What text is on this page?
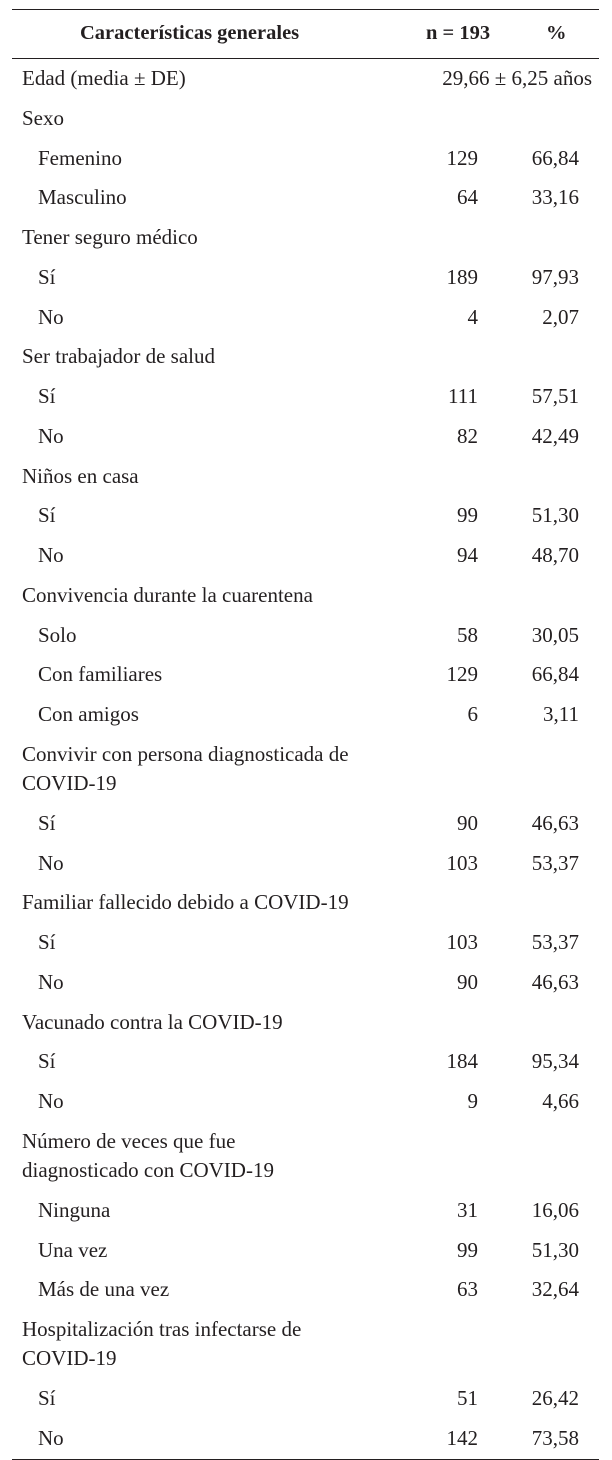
Características generales	n = 193	%
Edad (media ± DE)	29,66 ± 6,25 años
Sexo
Femenino	129	66,84
Masculino	64	33,16
Tener seguro médico
Sí	189	97,93
No	4	2,07
Ser trabajador de salud
Sí	111	57,51
No	82	42,49
Niños en casa
Sí	99	51,30
No	94	48,70
Convivencia durante la cuarentena
Solo	58	30,05
Con familiares	129	66,84
Con amigos	6	3,11
Convivir con persona diagnosticada de
COVID-19
Sí	90	46,63
No	103	53,37
Familiar fallecido debido a COVID-19
Sí	103	53,37
No	90	46,63
Vacunado contra la COVID-19
Sí	184	95,34
No	9	4,66
Número de veces que fue
diagnosticado con COVID-19
Ninguna	31	16,06
Una vez	99	51,30
Más de una vez	63	32,64
Hospitalización tras infectarse de
COVID-19
Sí	51	26,42
No	142	73,58
